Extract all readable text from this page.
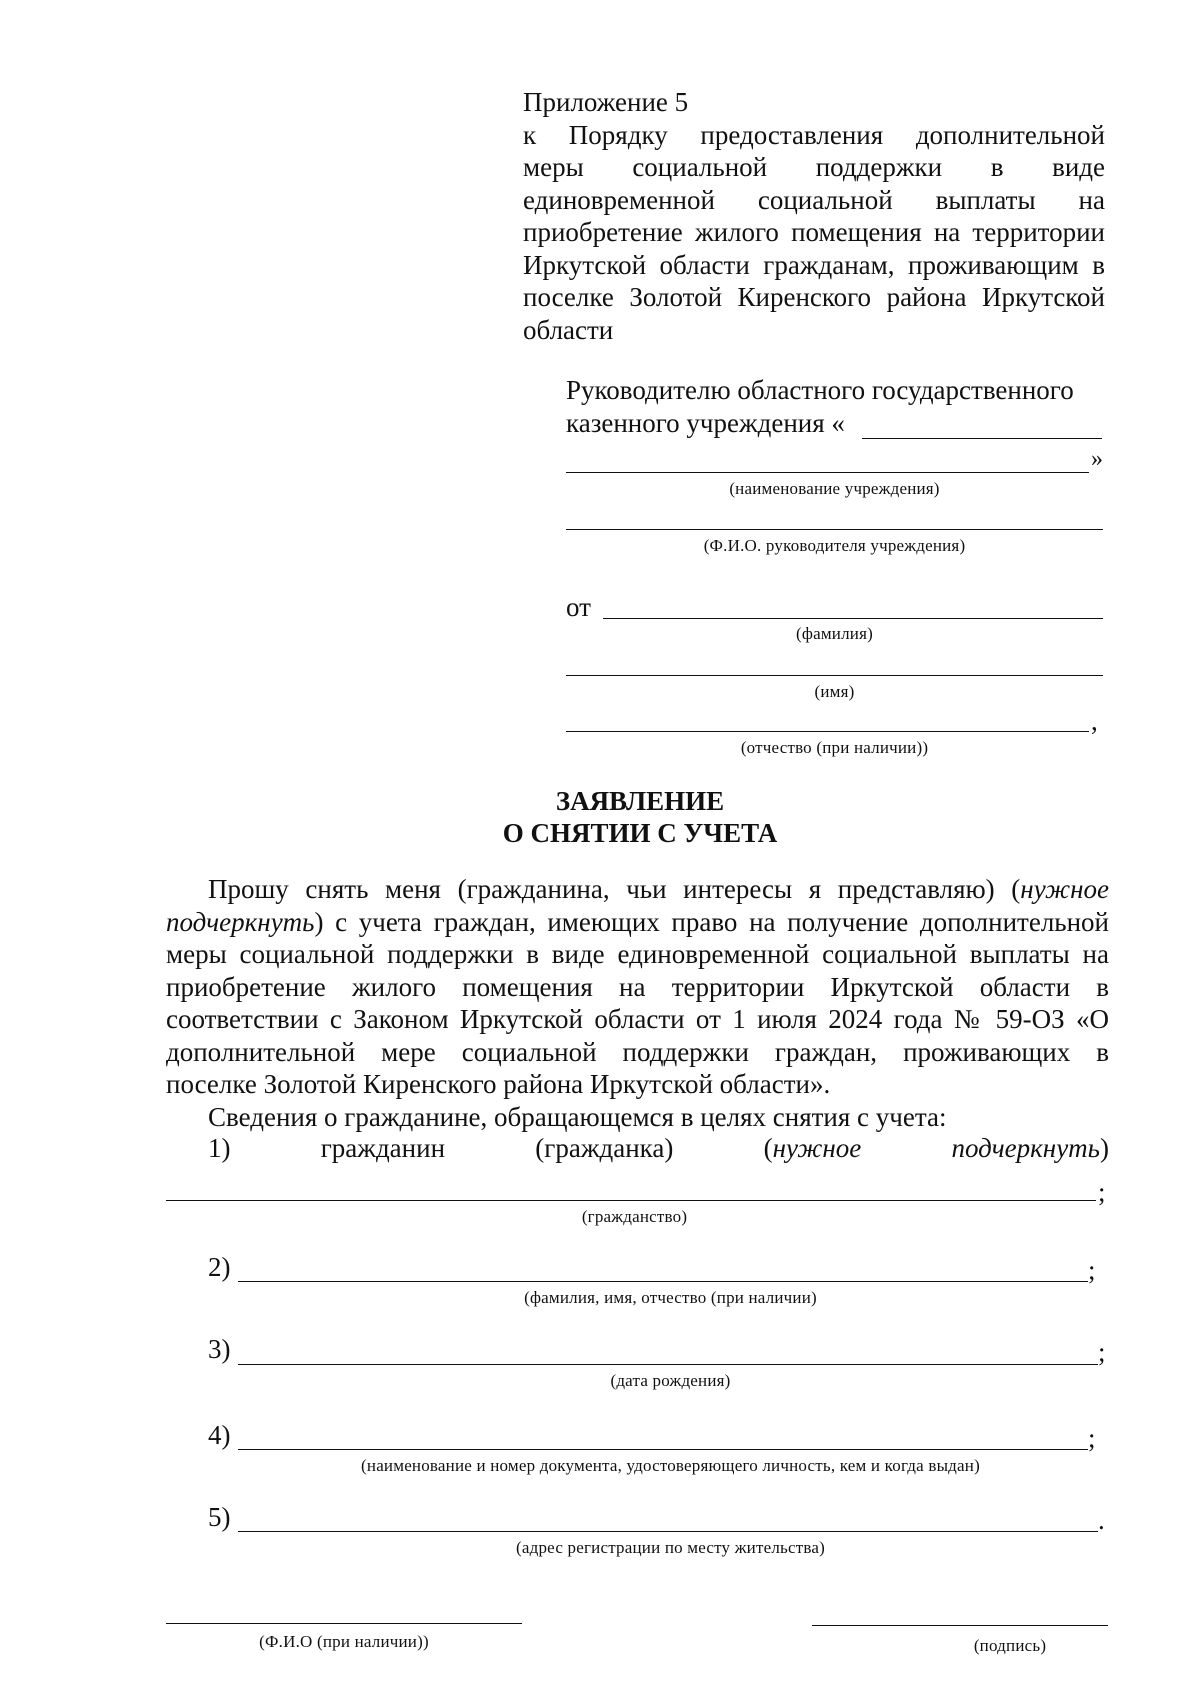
Приложение 5
к Порядку предоставления дополнительной
меры социальной поддержки в виде
единовременной социальной выплаты на
приобретение жилого помещения на территории
Иркутской области гражданам, проживающим в
поселке Золотой Киренского района Иркутской
области
Руководителю областного государственного
казенного учреждения «
»
(наименование учреждения)
(Ф.И.О. руководителя учреждения)
от
(фамилия)
(имя)
,
(отчество (при наличии))
ЗАЯВЛЕНИЕ
О СНЯТИИ С УЧЕТА
Прошу снять меня (гражданина, чьи интересы я представляю) (нужное
подчеркнуть) с учета граждан, имеющих право на получение дополнительной
меры социальной поддержки в виде единовременной социальной выплаты на
приобретение жилого помещения на территории Иркутской области в
соответствии с Законом Иркутской области от 1 июля 2024 года № 59-ОЗ «О
дополнительной мере социальной поддержки граждан, проживающих в
поселке Золотой Киренского района Иркутской области».
Сведения о гражданине, обращающемся в целях снятия с учета:
1)	гражданин	(гражданка)	(нужное	подчеркнуть)
;
(гражданство)
2)	;
(фамилия, имя, отчество (при наличии)
3)	;
(дата рождения)
4)	;
(наименование и номер документа, удостоверяющего личность, кем и когда выдан)
5)	.
(адрес регистрации по месту жительства)
(Ф.И.О (при наличии))	(подпись)
